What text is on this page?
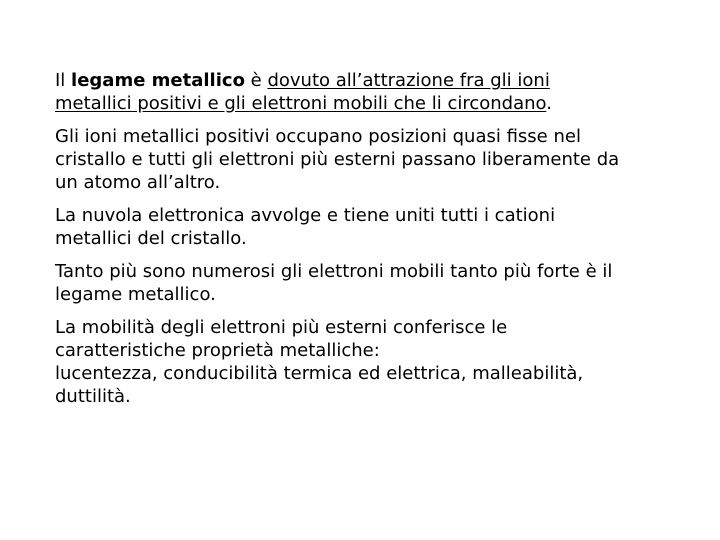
Il legame metallico è dovuto all’attrazione fra gli ioni
metallici positivi e gli elettroni mobili che li circondano.

Gli ioni metallici positivi occupano posizioni quasi fisse nel
cristallo e tutti gli elettroni più esterni passano liberamente da
un atomo all’altro.

La nuvola elettronica avvolge e tiene uniti tutti i cationi
metallici del cristallo.

Tanto più sono numerosi gli elettroni mobili tanto più forte è il
legame metallico.

La mobilità degli elettroni più esterni conferisce le
caratteristiche proprietà metalliche:
lucentezza, conducibilità termica ed elettrica, malleabilità,
duttilità.
